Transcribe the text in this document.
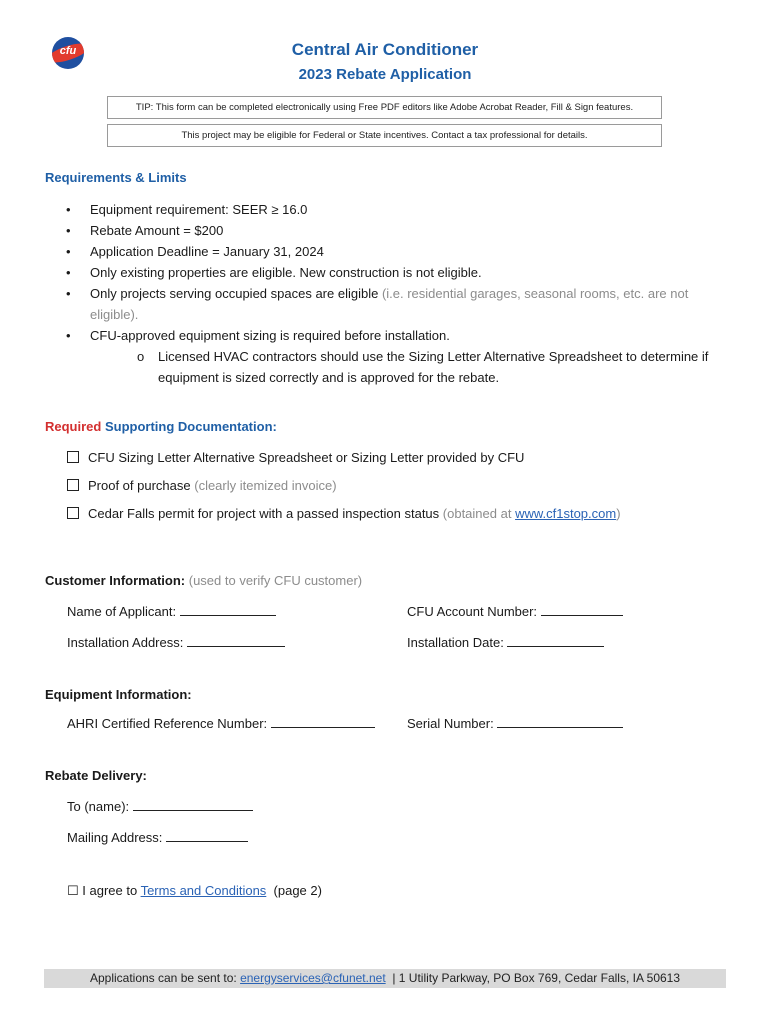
cfu	Central Air Conditioner
2023 Rebate Application
TIP: This form can be completed electronically using Free PDF editors like Adobe Acrobat Reader, Fill & Sign features.
This project may be eligible for Federal or State incentives. Contact a tax professional for details.
Requirements & Limits
• Equipment requirement: SEER ≥ 16.0
• Rebate Amount = $200
• Application Deadline = January 31, 2024
• Only existing properties are eligible. New construction is not eligible.
• Only projects serving occupied spaces are eligible (i.e. residential garages, seasonal rooms, etc. are not eligible).
• CFU-approved equipment sizing is required before installation.
o Licensed HVAC contractors should use the Sizing Letter Alternative Spreadsheet to determine if equipment is sized correctly and is approved for the rebate.
Required Supporting Documentation:
CFU Sizing Letter Alternative Spreadsheet or Sizing Letter provided by CFU
Proof of purchase (clearly itemized invoice)
Cedar Falls permit for project with a passed inspection status (obtained at www.cf1stop.com)
Customer Information: (used to verify CFU customer)
Name of Applicant:	CFU Account Number:
Installation Address:	Installation Date:
Equipment Information:
AHRI Certified Reference Number:	Serial Number:
Rebate Delivery:
To (name):
Mailing Address:
☐ I agree to Terms and Conditions  (page 2)
Applications can be sent to: energyservices@cfunet.net  | 1 Utility Parkway, PO Box 769, Cedar Falls, IA 50613
